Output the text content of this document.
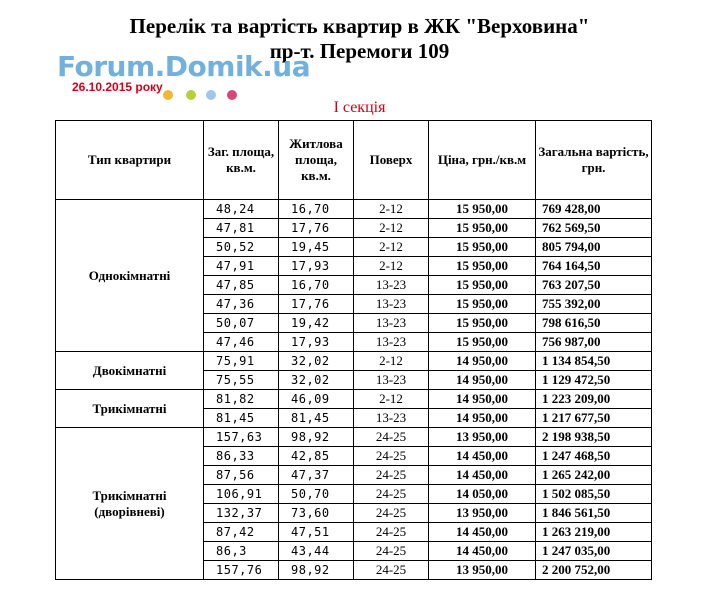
Перелік та вартість квартир в ЖК "Верховина"
пр-т. Перемоги 109
Forum.Domik.ua
26.10.2015 року
І секція
Тип квартири	Заг. площа, кв.м.	Житлова площа, кв.м.	Поверх	Ціна, грн./кв.м	Загальна вартість, грн.
Однокімнатні	48,24	16,70	2-12	15 950,00	769 428,00
	47,81	17,76	2-12	15 950,00	762 569,50
	50,52	19,45	2-12	15 950,00	805 794,00
	47,91	17,93	2-12	15 950,00	764 164,50
	47,85	16,70	13-23	15 950,00	763 207,50
	47,36	17,76	13-23	15 950,00	755 392,00
	50,07	19,42	13-23	15 950,00	798 616,50
	47,46	17,93	13-23	15 950,00	756 987,00
Двокімнатні	75,91	32,02	2-12	14 950,00	1 134 854,50
	75,55	32,02	13-23	14 950,00	1 129 472,50
Трикімнатні	81,82	46,09	2-12	14 950,00	1 223 209,00
	81,45	81,45	13-23	14 950,00	1 217 677,50
Трикімнатні (дворівневі)	157,63	98,92	24-25	13 950,00	2 198 938,50
	86,33	42,85	24-25	14 450,00	1 247 468,50
	87,56	47,37	24-25	14 450,00	1 265 242,00
	106,91	50,70	24-25	14 050,00	1 502 085,50
	132,37	73,60	24-25	13 950,00	1 846 561,50
	87,42	47,51	24-25	14 450,00	1 263 219,00
	86,3	43,44	24-25	14 450,00	1 247 035,00
	157,76	98,92	24-25	13 950,00	2 200 752,00
